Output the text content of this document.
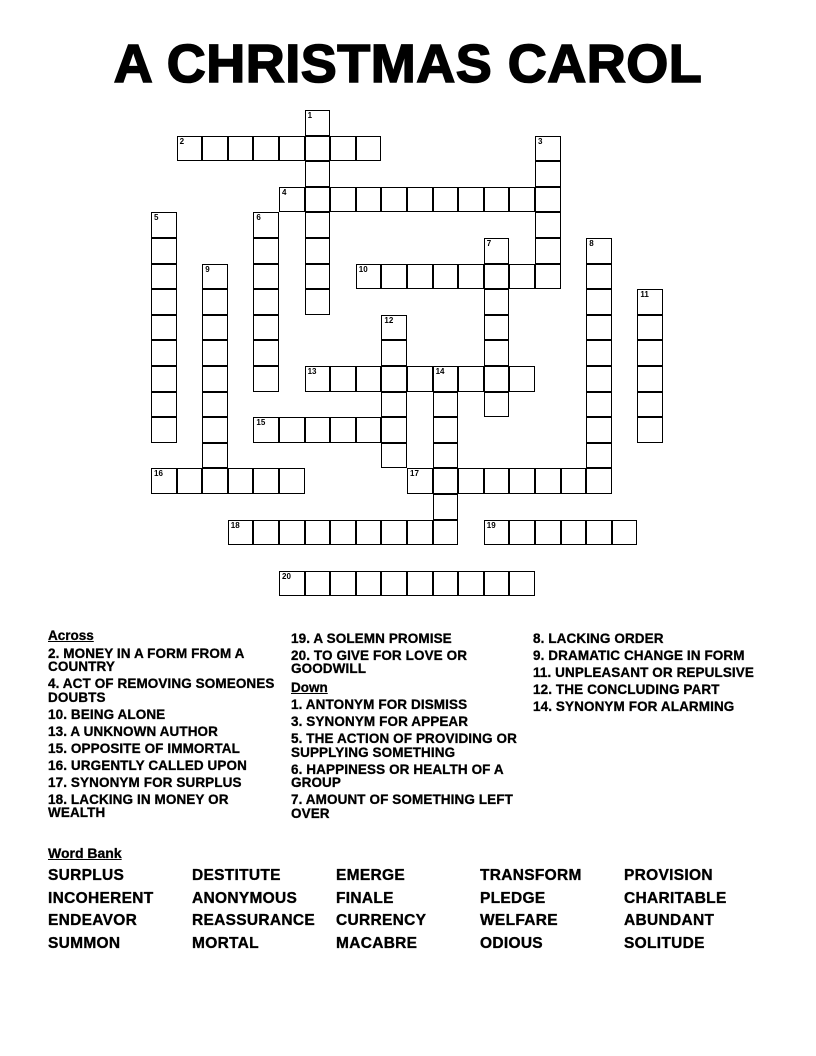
A CHRISTMAS CAROL
1
2	3
4
5	6
7	8
9	10
11
12
13	14
15
16	17
18	19
20
Across
2. MONEY IN A FORM FROM A COUNTRY
4. ACT OF REMOVING SOMEONES DOUBTS
10. BEING ALONE
13. A UNKNOWN AUTHOR
15. OPPOSITE OF IMMORTAL
16. URGENTLY CALLED UPON
17. SYNONYM FOR SURPLUS
18. LACKING IN MONEY OR WEALTH
19. A SOLEMN PROMISE
20. TO GIVE FOR LOVE OR GOODWILL
Down
1. ANTONYM FOR DISMISS
3. SYNONYM FOR APPEAR
5. THE ACTION OF PROVIDING OR SUPPLYING SOMETHING
6. HAPPINESS OR HEALTH OF A GROUP
7. AMOUNT OF SOMETHING LEFT OVER
8. LACKING ORDER
9. DRAMATIC CHANGE IN FORM
11. UNPLEASANT OR REPULSIVE
12. THE CONCLUDING PART
14. SYNONYM FOR ALARMING
Word Bank
SURPLUS	DESTITUTE	EMERGE	TRANSFORM	PROVISION
INCOHERENT ANONYMOUS	FINALE	PLEDGE	CHARITABLE
ENDEAVOR	REASSURANCE CURRENCY	WELFARE	ABUNDANT
SUMMON	MORTAL	MACABRE	ODIOUS	SOLITUDE
